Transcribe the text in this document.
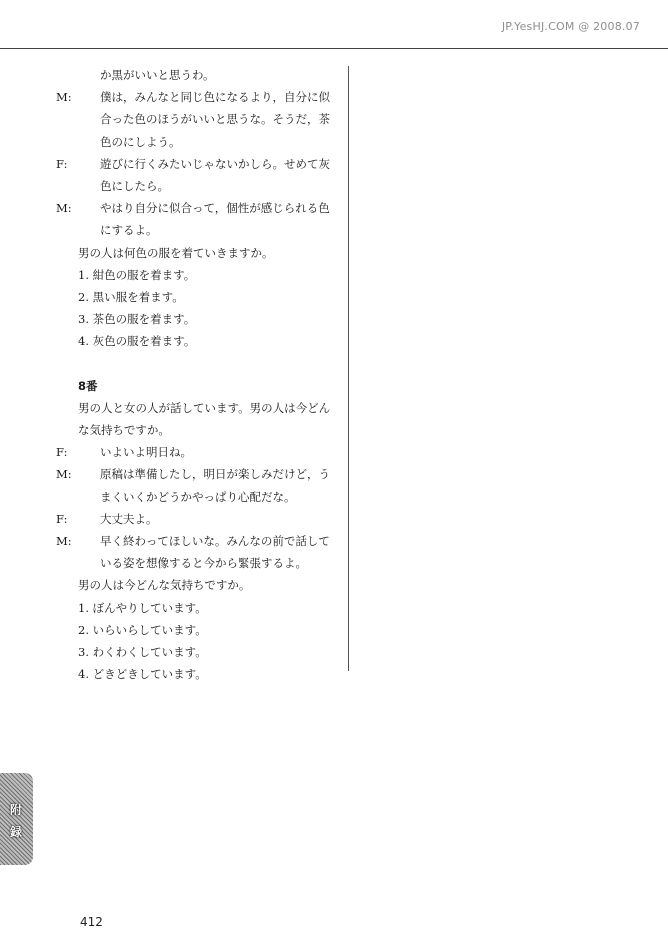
JP.YesHJ.COM @ 2008.07
か黒がいいと思うわ。
M: 僕は，みんなと同じ色になるより，自分に似合った色のほうがいいと思うな。そうだ，茶色のにしよう。
F:	遊びに行くみたいじゃないかしら。せめて灰色にしたら。
M: やはり自分に似合って，個性が感じられる色にするよ。
男の人は何色の服を着ていきますか。
1. 紺色の服を着ます。
2. 黒い服を着ます。
3. 茶色の服を着ます。
4. 灰色の服を着ます。
8番
男の人と女の人が話しています。男の人は今どんな気持ちですか。
F:	いよいよ明日ね。
M: 原稿は準備したし，明日が楽しみだけど，うまくいくかどうかやっぱり心配だな。
F:	大丈夫よ。
M: 早く終わってほしいな。みんなの前で話している姿を想像すると今から緊張するよ。
男の人は今どんな気持ちですか。
1. ぼんやりしています。
2. いらいらしています。
3. わくわくしています。
4. どきどきしています。
附録
412
